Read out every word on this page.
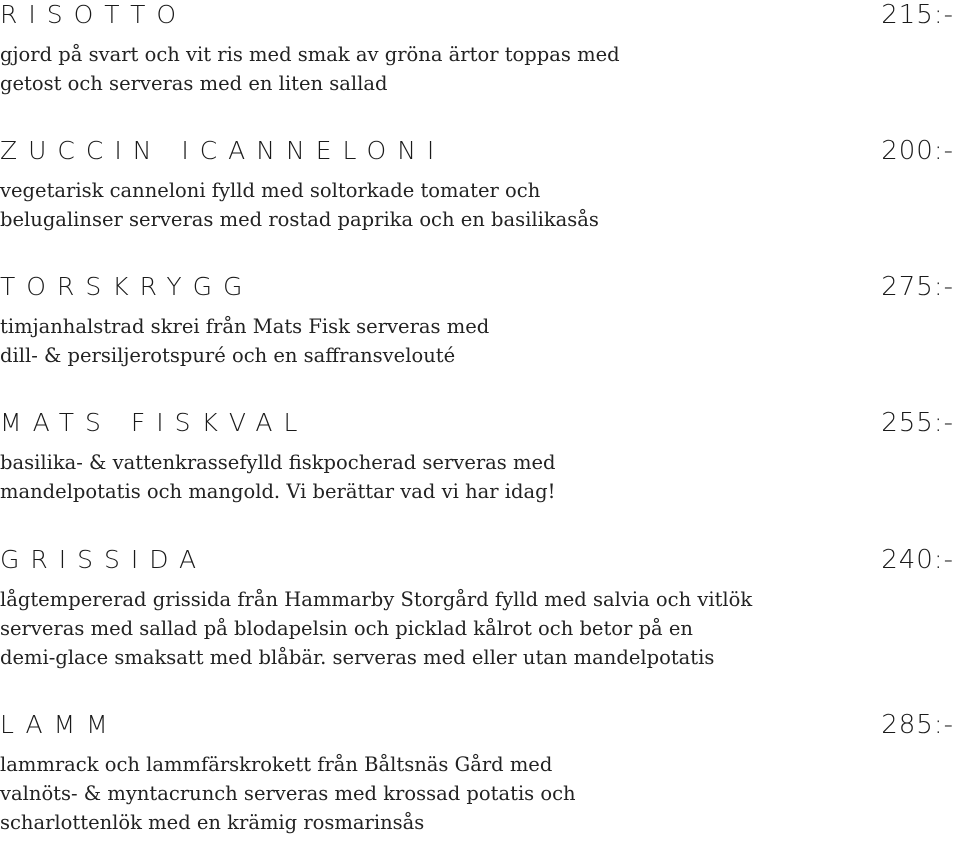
RISOTTO	215:-
gjord på svart och vit ris med smak av gröna ärtor toppas med
getost och serveras med en liten sallad
ZUCCIN ICANNELONI	200:-
vegetarisk canneloni fylld med soltorkade tomater och
belugalinser serveras med rostad paprika och en basilikasås
TORSKRYGG	275:-
timjanhalstrad skrei från Mats Fisk serveras med
dill- & persiljerotspuré och en saffransvelouté
MATS FISKVAL	255:-
basilika- & vattenkrassefylld fiskpocherad serveras med
mandelpotatis och mangold. Vi berättar vad vi har idag!
GRISSIDA	240:-
lågtempererad grissida från Hammarby Storgård fylld med salvia och vitlök
serveras med sallad på blodapelsin och picklad kålrot och betor på en
demi-glace smaksatt med blåbär. serveras med eller utan mandelpotatis
LAMM	285:-
lammrack och lammfärskrokett från Båltsnäs Gård med
valnöts- & myntacrunch serveras med krossad potatis och
scharlottenlök med en krämig rosmarinsås
